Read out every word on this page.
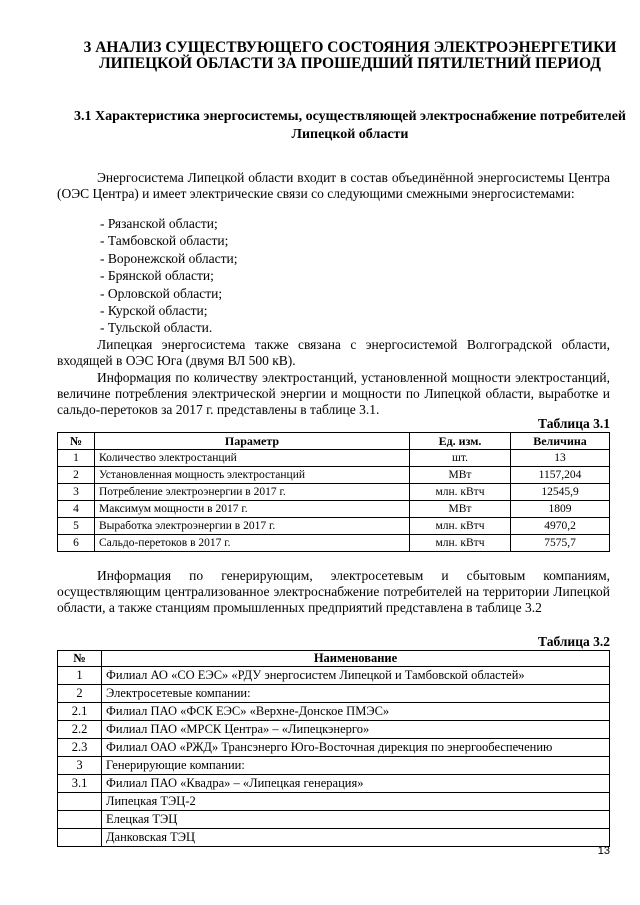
3 АНАЛИЗ СУЩЕСТВУЮЩЕГО СОСТОЯНИЯ ЭЛЕКТРОЭНЕРГЕТИКИ ЛИПЕЦКОЙ ОБЛАСТИ ЗА ПРОШЕДШИЙ ПЯТИЛЕТНИЙ ПЕРИОД
3.1 Характеристика энергосистемы, осуществляющей электроснабжение потребителей Липецкой области
Энергосистема Липецкой области входит в состав объединённой энергосистемы Центра (ОЭС Центра) и имеет электрические связи со следующими смежными энергосистемами:
- Рязанской области;
- Тамбовской области;
- Воронежской области;
- Брянской области;
- Орловской области;
- Курской области;
- Тульской области.
Липецкая энергосистема также связана с энергосистемой Волгоградской области, входящей в ОЭС Юга (двумя ВЛ 500 кВ).
Информация по количеству электростанций, установленной мощности электростанций, величине потребления электрической энергии и мощности по Липецкой области, выработке и сальдо-перетоков за 2017 г. представлены в таблице 3.1.
Таблица 3.1
№	Параметр	Ед. изм.	Величина
1	Количество электростанций	шт.	13
2	Установленная мощность электростанций	МВт	1157,204
3	Потребление электроэнергии в 2017 г.	млн. кВтч	12545,9
4	Максимум мощности в 2017 г.	МВт	1809
5	Выработка электроэнергии в 2017 г.	млн. кВтч	4970,2
6	Сальдо-перетоков в 2017 г.	млн. кВтч	7575,7
Информация по генерирующим, электросетевым и сбытовым компаниям, осуществляющим централизованное электроснабжение потребителей на территории Липецкой области, а также станциям промышленных предприятий представлена в таблице 3.2
Таблица 3.2
№	Наименование
1	Филиал АО «СО ЕЭС» «РДУ энергосистем Липецкой и Тамбовской областей»
2	Электросетевые компании:
2.1	Филиал ПАО «ФСК ЕЭС» «Верхне-Донское ПМЭС»
2.2	Филиал ПАО «МРСК Центра» – «Липецкэнерго»
2.3	Филиал ОАО «РЖД» Трансэнерго Юго-Восточная дирекция по энергообеспечению
3	Генерирующие компании:
3.1	Филиал ПАО «Квадра» – «Липецкая генерация»
	Липецкая ТЭЦ-2
	Елецкая ТЭЦ
	Данковская ТЭЦ
13
